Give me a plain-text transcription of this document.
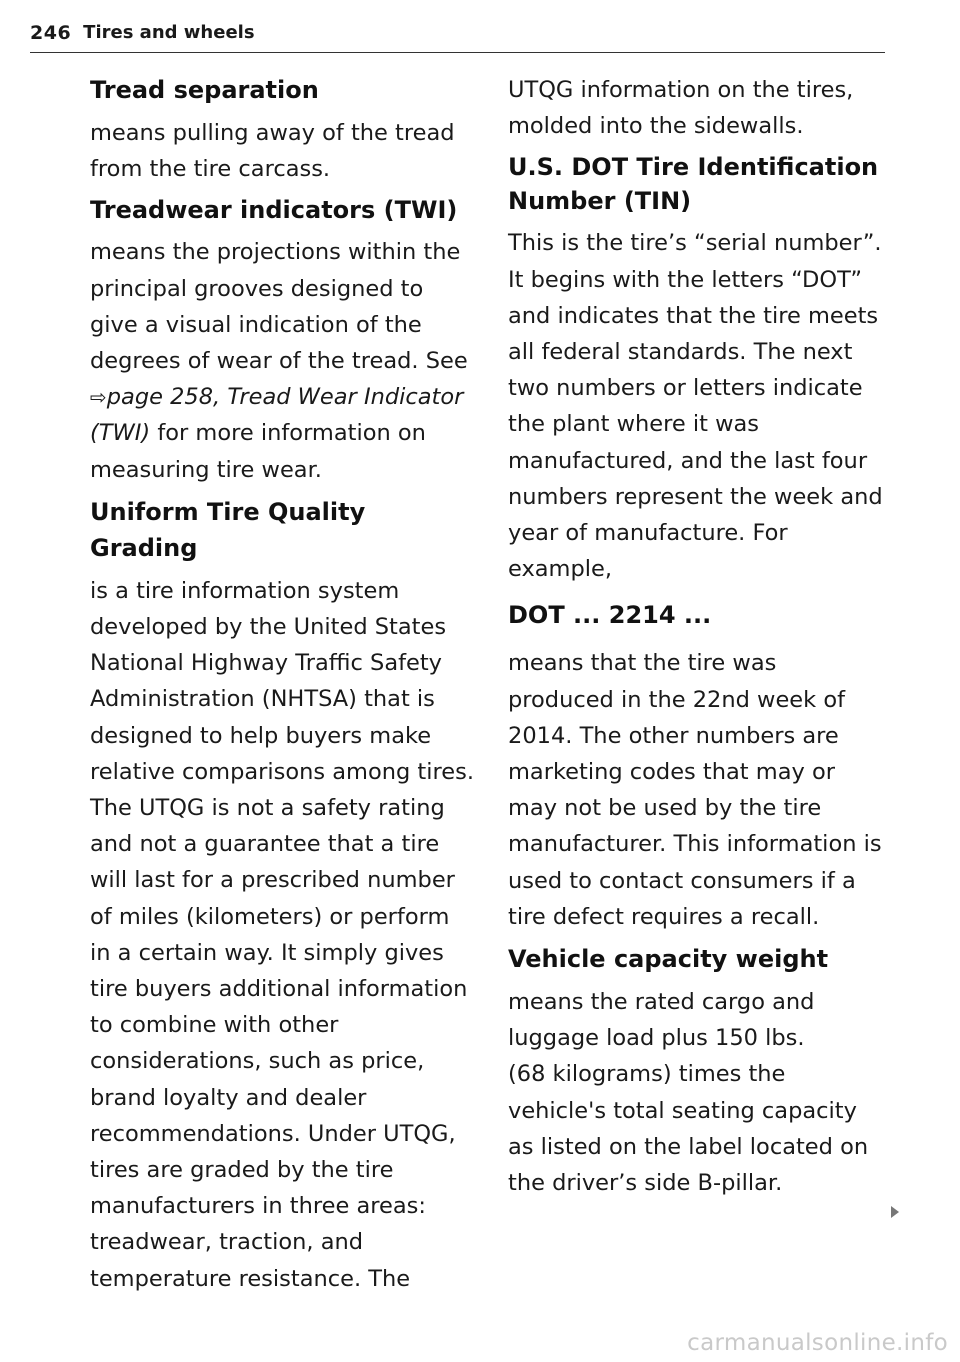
246 Tires and wheels
Tread separation

means pulling away of the tread from the tire carcass.

Treadwear indicators (TWI)

means the projections within the principal grooves designed to give a visual indication of the degrees of wear of the tread. See ⇨page 258, Tread Wear Indicator (TWI) for more information on measuring tire wear.

Uniform Tire Quality Grading

is a tire information system developed by the United States National Highway Traffic Safety Administration (NHTSA) that is designed to help buyers make relative comparisons among tires. The UTQG is not a safety rating and not a guarantee that a tire will last for a prescribed number of miles (kilometers) or perform in a certain way. It simply gives tire buyers additional information to combine with other considerations, such as price, brand loyalty and dealer recommendations. Under UTQG, tires are graded by the tire manufacturers in three areas: treadwear, traction, and temperature resistance. The

UTQG information on the tires, molded into the sidewalls.

U.S. DOT Tire Identification Number (TIN)

This is the tire’s “serial number”. It begins with the letters “DOT” and indicates that the tire meets all federal standards. The next two numbers or letters indicate the plant where it was manufactured, and the last four numbers represent the week and year of manufacture. For example,

DOT ... 2214 ...

means that the tire was produced in the 22nd week of 2014. The other numbers are marketing codes that may or may not be used by the tire manufacturer. This information is used to contact consumers if a tire defect requires a recall.

Vehicle capacity weight

means the rated cargo and luggage load plus 150 lbs.

(68 kilograms) times the vehicle's total seating capacity as listed on the label located on the driver’s side B-pillar.

carmanualsonline.info
